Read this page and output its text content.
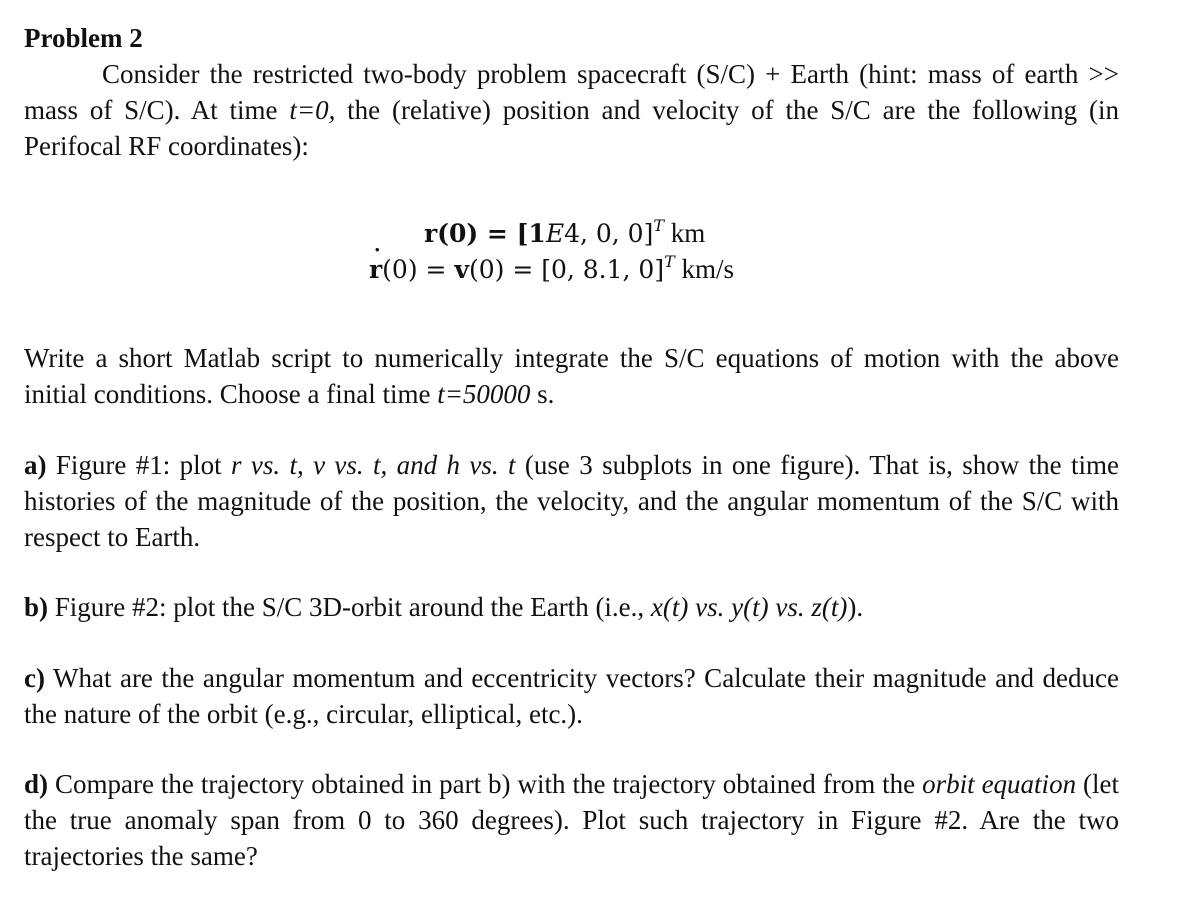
Problem 2

Consider the restricted two-body problem spacecraft (S/C) + Earth (hint: mass of earth >> mass of S/C). At time t=0, the (relative) position and velocity of the S/C are the following (in Perifocal RF coordinates):

r(0) = [1E4, 0, 0]$^T$ km
˙ r(0) = v(0) = [0, 8.1, 0]$^T$ km/s

Write a short Matlab script to numerically integrate the S/C equations of motion with the above initial conditions. Choose a final time t=50000 s.

a) Figure #1: plot r vs. t, v vs. t, and h vs. t (use 3 subplots in one figure). That is, show the time histories of the magnitude of the position, the velocity, and the angular momentum of the S/C with respect to Earth.

b) Figure #2: plot the S/C 3D-orbit around the Earth (i.e., x(t) vs. y(t) vs. z(t)).

c) What are the angular momentum and eccentricity vectors? Calculate their magnitude and deduce the nature of the orbit (e.g., circular, elliptical, etc.).

d) Compare the trajectory obtained in part b) with the trajectory obtained from the orbit equation (let the true anomaly span from 0 to 360 degrees). Plot such trajectory in Figure #2. Are the two trajectories the same?
